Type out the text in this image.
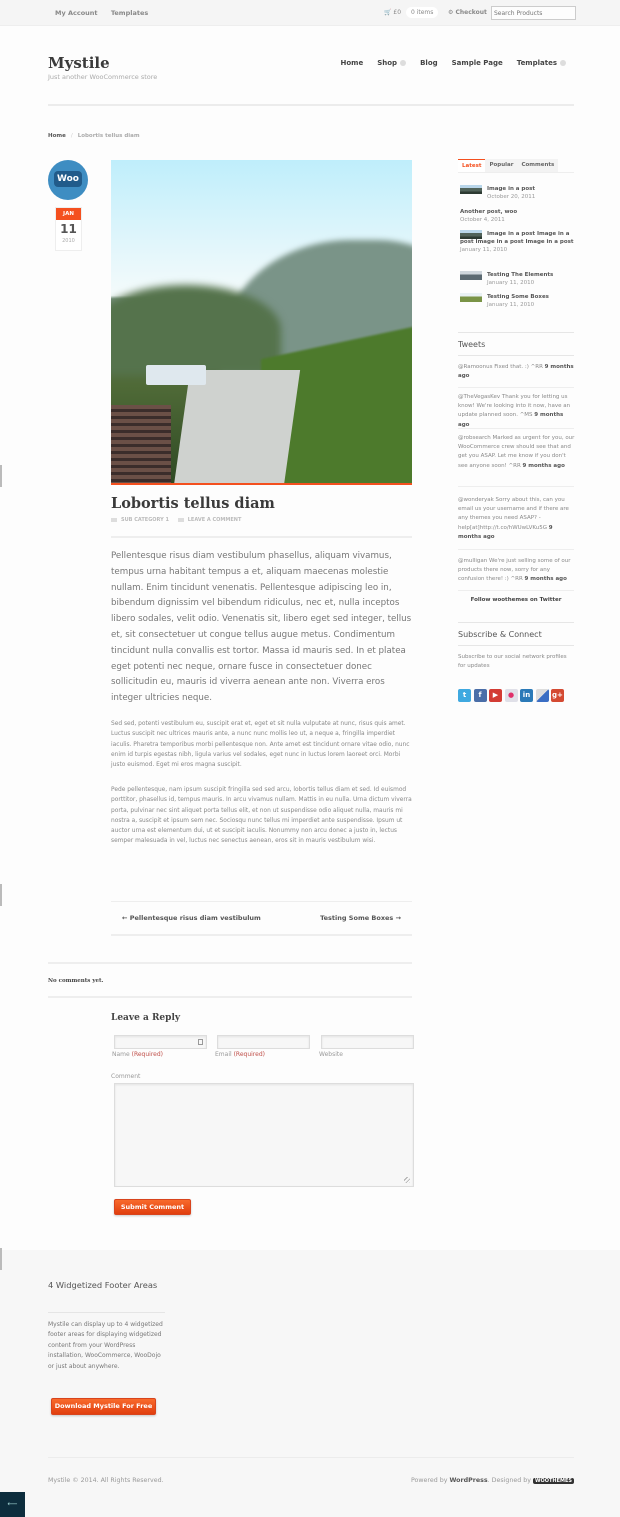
My Account Templates	🛒 £0 0 items	⚙ Checkout
Search Products
Mystile
Just another WooCommerce store
Home Shop	Blog Sample Page Templates
Home / Lobortis tellus diam
Woo
JAN
11
2010
Lobortis tellus diam
SUB CATEGORY 1	LEAVE A COMMENT

Pellentesque risus diam vestibulum phasellus, aliquam vivamus, tempus urna habitant tempus a et, aliquam maecenas molestie nullam. Enim tincidunt venenatis. Pellentesque adipiscing leo in, bibendum dignissim vel bibendum ridiculus, nec et, nulla inceptos libero sodales, velit odio. Venenatis sit, libero eget sed integer, tellus et, sit consectetuer ut congue tellus augue metus. Condimentum tincidunt nulla convallis est tortor. Massa id mauris sed. In et platea eget potenti nec neque, ornare fusce in consectetuer donec sollicitudin eu, mauris id viverra aenean ante non. Viverra eros integer ultricies neque.

Sed sed, potenti vestibulum eu, suscipit erat et, eget et sit nulla vulputate at nunc, risus quis amet. Luctus suscipit nec ultrices mauris ante, a nunc nunc mollis leo ut, a neque a, fringilla imperdiet iaculis. Pharetra temporibus morbi pellentesque non. Ante amet est tincidunt ornare vitae odio, nunc enim id turpis egestas nibh, ligula varius vel sodales, eget nunc in luctus lorem laoreet orci. Morbi justo euismod. Eget mi eros magna suscipit.

Pede pellentesque, nam ipsum suscipit fringilla sed sed arcu, lobortis tellus diam et sed. Id euismod porttitor, phasellus id, tempus mauris. In arcu vivamus nullam. Mattis in eu nulla. Urna dictum viverra porta, pulvinar nec sint aliquet porta tellus elit, et non ut suspendisse odio aliquet nulla, mauris mi nostra a, suscipit et ipsum sem nec. Sociosqu nunc tellus mi imperdiet ante suspendisse. Ipsum ut auctor urna est elementum dui, ut et suscipit iaculis. Nonummy non arcu donec a justo in, lectus semper malesuada in vel, luctus nec senectus aenean, eros sit in mauris vestibulum wisi.

← Pellentesque risus diam vestibulum	Testing Some Boxes →
No comments yet.
Leave a Reply
Name (Required)	Email (Required)	Website
Comment
Submit Comment
Latest	Popular	Comments
Image in a post
October 20, 2011
Another post, woo
October 4, 2011
Image in a post Image in a post Image in a post Image in a post
January 11, 2010
Testing The Elements
January 11, 2010
Testing Some Boxes
January 11, 2010
Tweets
@Ramoonus Fixed that. :) ^RR 9 months ago
@TheVegasKev Thank you for letting us know! We're looking into it now, have an update planned soon. ^MS 9 months ago
@robsearch Marked as urgent for you, our WooCommerce crew should see that and get you ASAP. Let me know if you don't see anyone soon! ^RR 9 months ago
@wonderyak Sorry about this, can you email us your username and if there are any themes you need ASAP? - help[at]http://t.co/hWUwLVKu5G 9 months ago
@mulligan We're just selling some of our products there now, sorry for any confusion there! :) ^RR 9 months ago
Follow woothemes on Twitter
Subscribe & Connect
Subscribe to our social network profiles for updates
t f ▶ ● in	g+
4 Widgetized Footer Areas
Mystile can display up to 4 widgetized footer areas for displaying widgetized content from your WordPress installation, WooCommerce, WooDojo or just about anywhere.
Download Mystile For Free
Mystile © 2014. All Rights Reserved.	Powered by WordPress. Designed by WOOTHEMES
⟵
